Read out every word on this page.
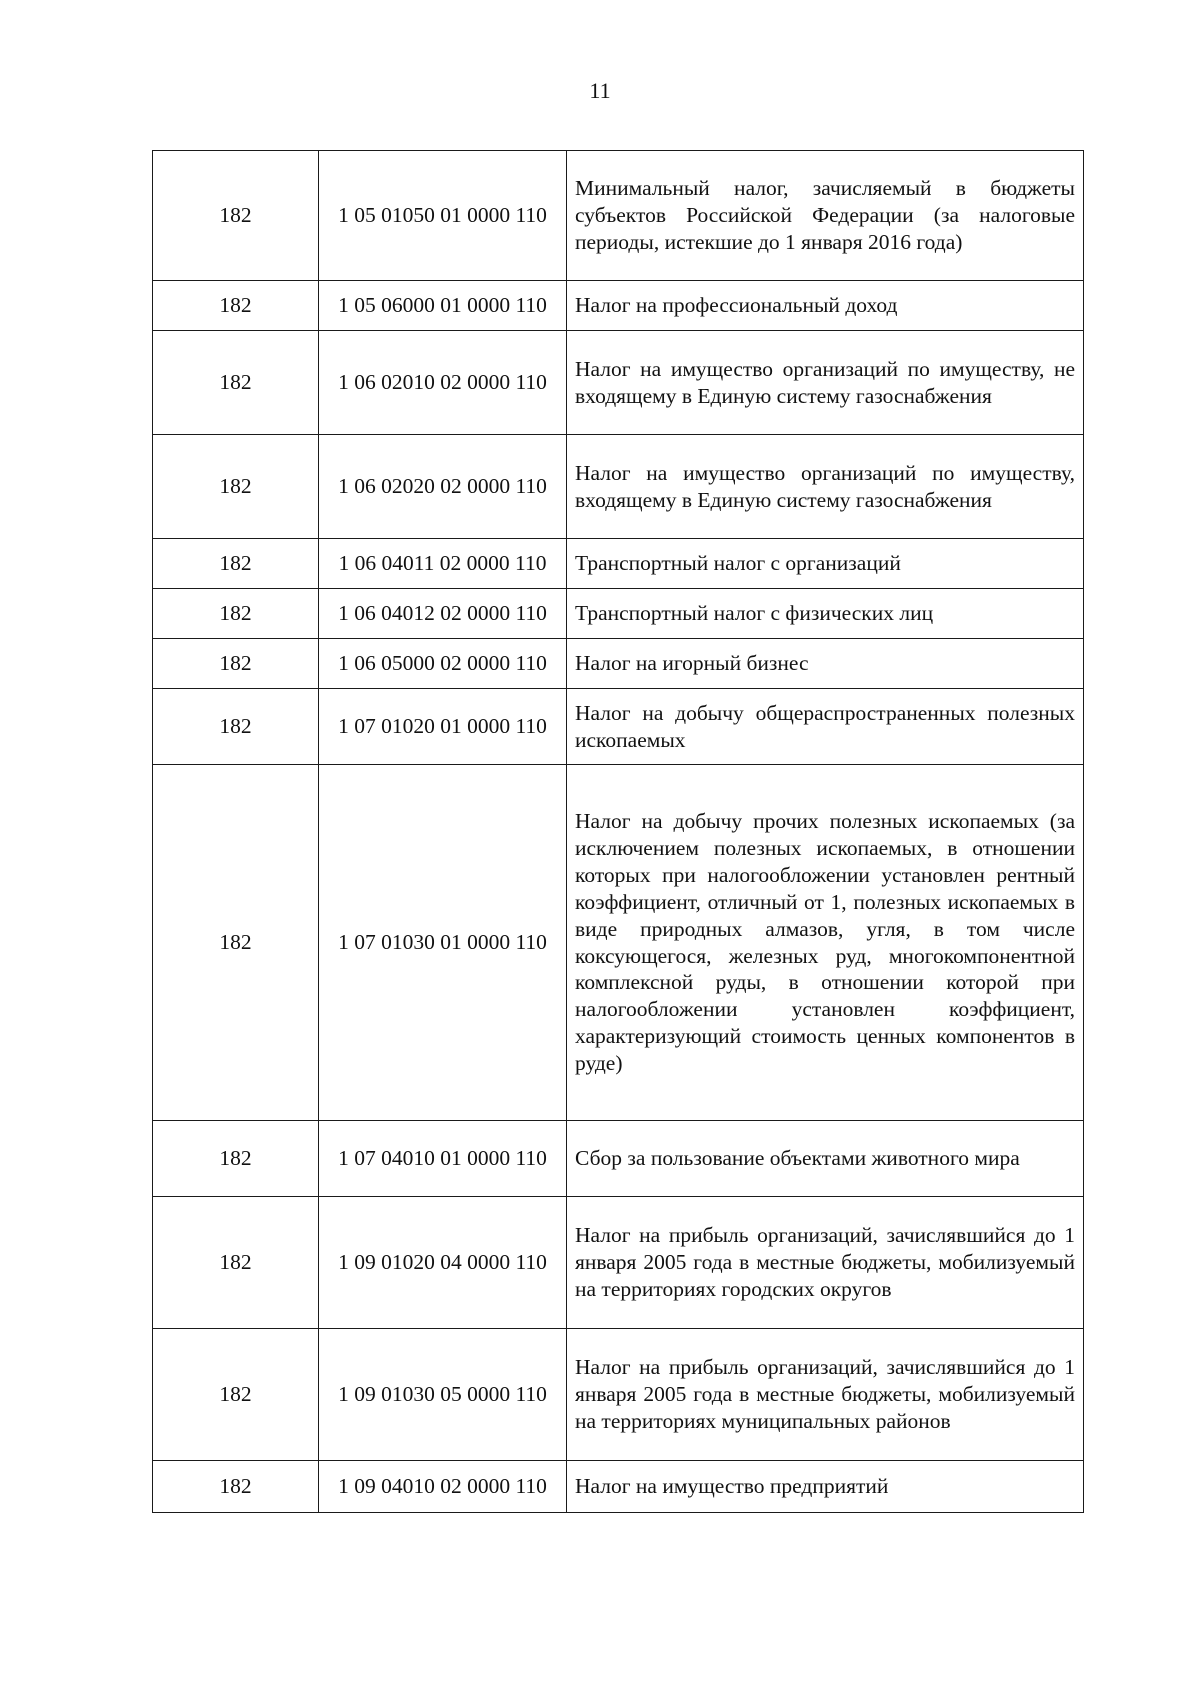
11
182	1 05 01050 01 0000 110	Минимальный налог, зачисляемый в бюджеты субъектов Российской Федерации (за налоговые периоды, истекшие до 1 января 2016 года)
182	1 05 06000 01 0000 110	Налог на профессиональный доход
182	1 06 02010 02 0000 110	Налог на имущество организаций по имуществу, не входящему в Единую систему газоснабжения
182	1 06 02020 02 0000 110	Налог на имущество организаций по имуществу, входящему в Единую систему газоснабжения
182	1 06 04011 02 0000 110	Транспортный налог с организаций
182	1 06 04012 02 0000 110	Транспортный налог с физических лиц
182	1 06 05000 02 0000 110	Налог на игорный бизнес
182	1 07 01020 01 0000 110	Налог на добычу общераспространенных полезных ископаемых
182	1 07 01030 01 0000 110	Налог на добычу прочих полезных ископаемых (за исключением полезных ископаемых, в отношении которых при налогообложении установлен рентный коэффициент, отличный от 1, полезных ископаемых в виде природных алмазов, угля, в том числе коксующегося, железных руд, многокомпонентной комплексной руды, в отношении которой при налогообложении установлен коэффициент, характеризующий стоимость ценных компонентов в руде)
182	1 07 04010 01 0000 110	Сбор за пользование объектами животного мира
182	1 09 01020 04 0000 110	Налог на прибыль организаций, зачислявшийся до 1 января 2005 года в местные бюджеты, мобилизуемый на территориях городских округов
182	1 09 01030 05 0000 110	Налог на прибыль организаций, зачислявшийся до 1 января 2005 года в местные бюджеты, мобилизуемый на территориях муниципальных районов
182	1 09 04010 02 0000 110	Налог на имущество предприятий
